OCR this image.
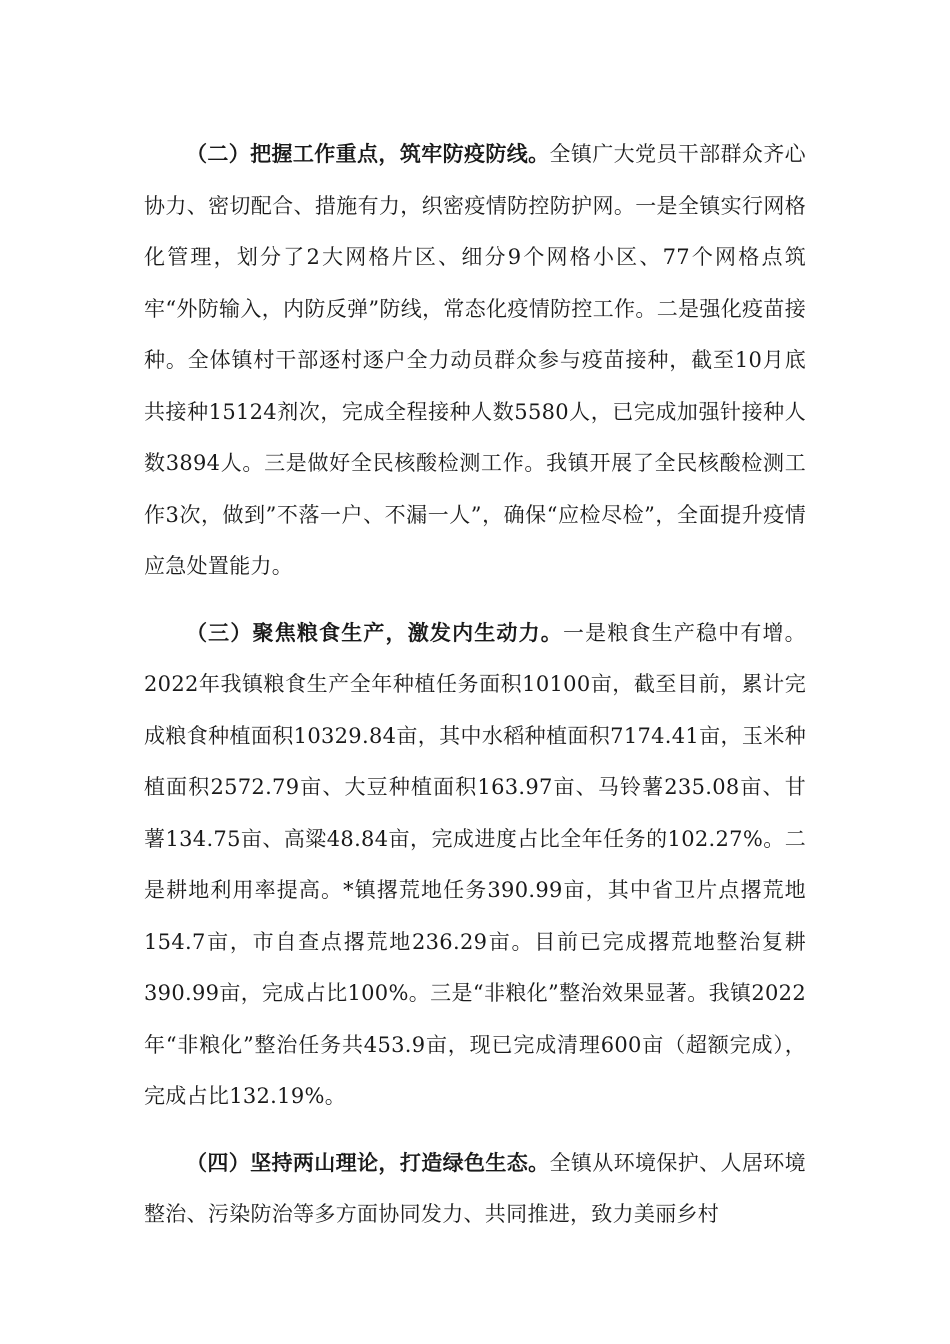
（二）把握工作重点，筑牢防疫防线。全镇广大党员干部群众齐心协力、密切配合、措施有力，织密疫情防控防护网。一是全镇实行网格化管理，划分了2大网格片区、细分9个网格小区、77个网格点筑牢“外防输入，内防反弹”防线，常态化疫情防控工作。二是强化疫苗接种。全体镇村干部逐村逐户全力动员群众参与疫苗接种，截至10月底共接种15124剂次，完成全程接种人数5580人，已完成加强针接种人数3894人。三是做好全民核酸检测工作。我镇开展了全民核酸检测工作3次，做到”不落一户、不漏一人”，确保“应检尽检”，全面提升疫情应急处置能力。

（三）聚焦粮食生产，激发内生动力。一是粮食生产稳中有增。2022年我镇粮食生产全年种植任务面积10100亩，截至目前，累计完成粮食种植面积10329.84亩，其中水稻种植面积7174.41亩，玉米种植面积2572.79亩、大豆种植面积163.97亩、马铃薯235.08亩、甘薯134.75亩、高粱48.84亩，完成进度占比全年任务的102.27%。二是耕地利用率提高。*镇撂荒地任务390.99亩，其中省卫片点撂荒地154.7亩，市自查点撂荒地236.29亩。目前已完成撂荒地整治复耕390.99亩，完成占比100%。三是“非粮化”整治效果显著。我镇2022年“非粮化”整治任务共453.9亩，现已完成清理600亩（超额完成），完成占比132.19%。

（四）坚持两山理论，打造绿色生态。全镇从环境保护、人居环境整治、污染防治等多方面协同发力、共同推进，致力美丽乡村
